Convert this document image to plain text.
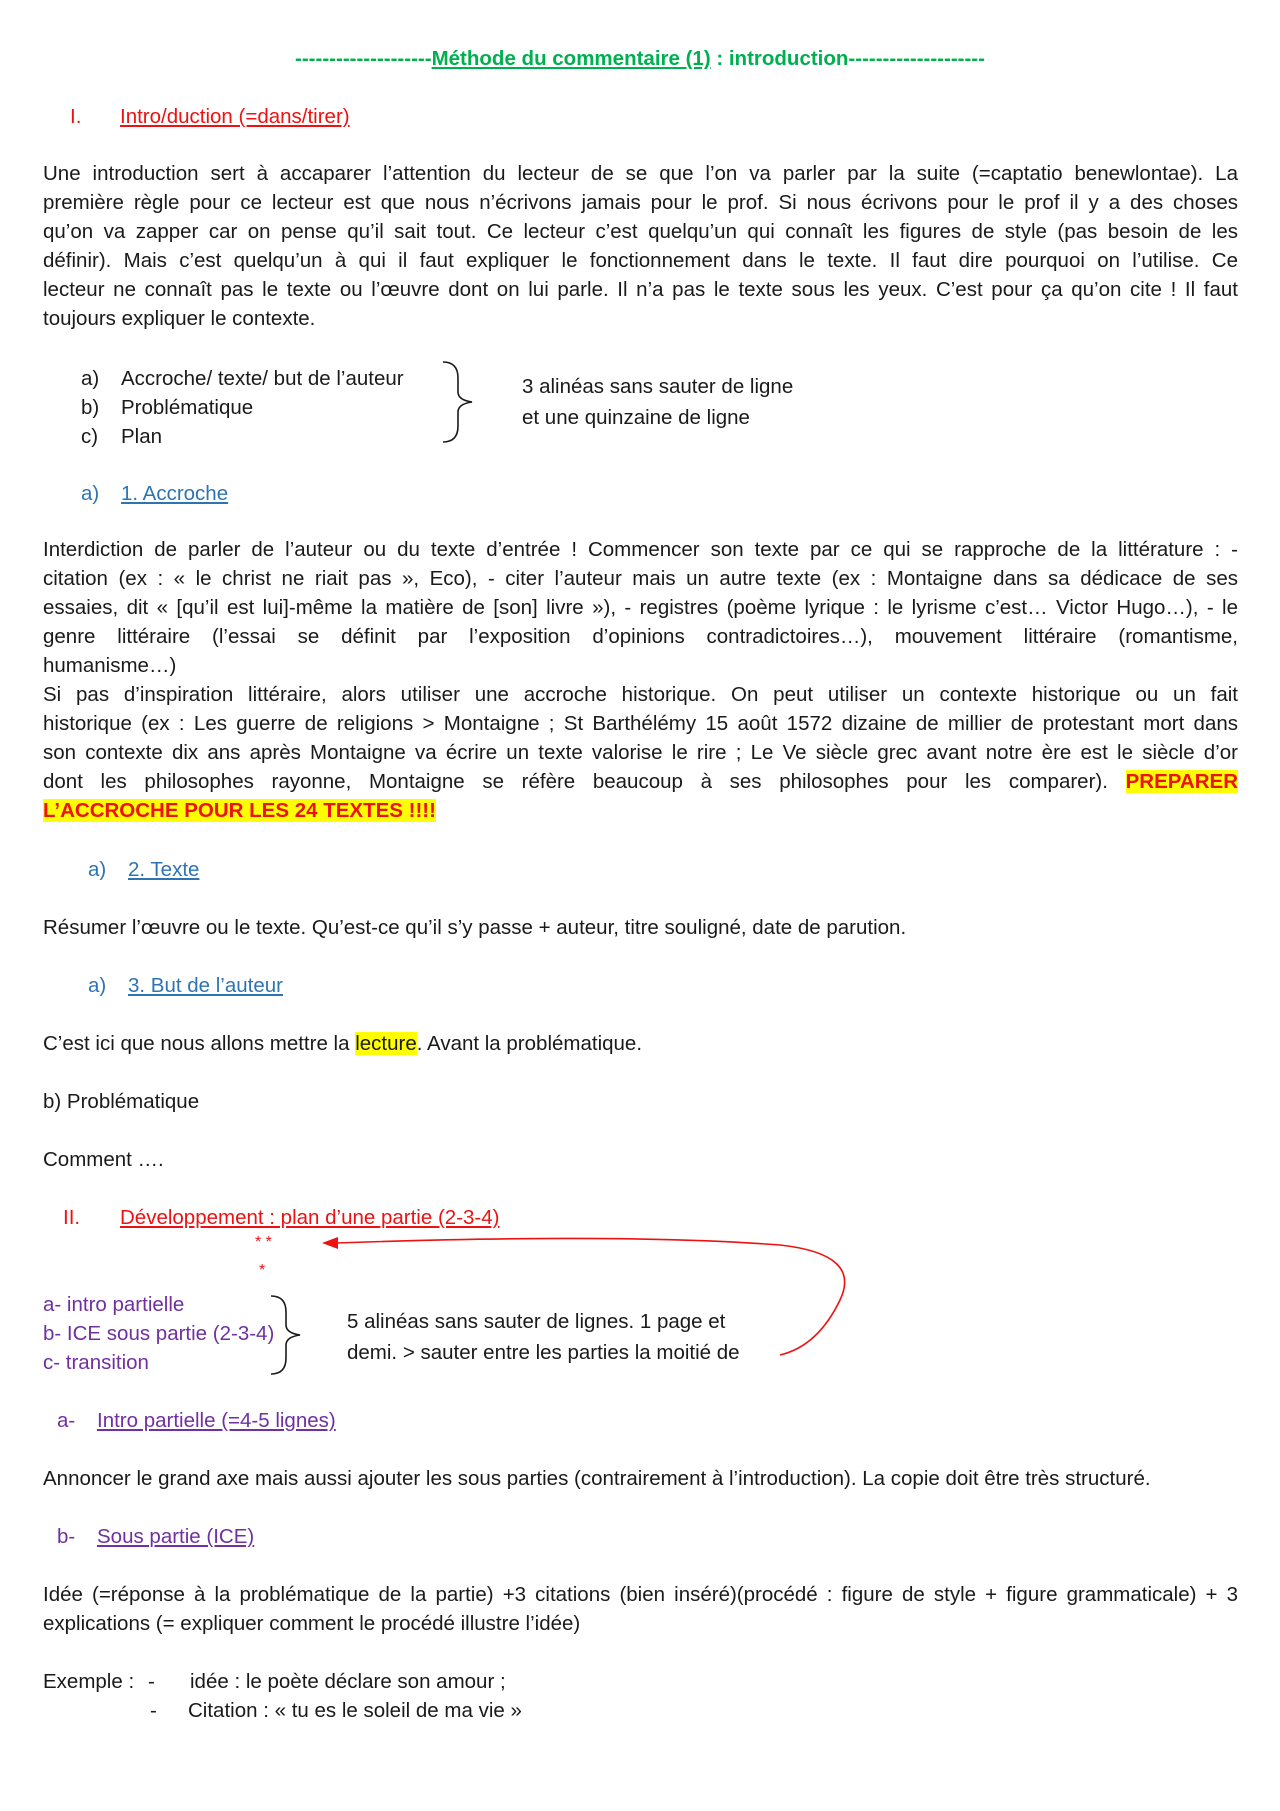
--------------------Méthode du commentaire (1) : introduction--------------------
I. Intro/duction (=dans/tirer)
Une introduction sert à accaparer l’attention du lecteur de se que l’on va parler par la suite (=captatio benewlontae). La
première règle pour ce lecteur est que nous n’écrivons jamais pour le prof. Si nous écrivons pour le prof il y a des choses
qu’on va zapper car on pense qu’il sait tout. Ce lecteur c’est quelqu’un qui connaît les figures de style (pas besoin de les
définir). Mais c’est quelqu’un à qui il faut expliquer le fonctionnement dans le texte. Il faut dire pourquoi on l’utilise. Ce
lecteur ne connaît pas le texte ou l’œuvre dont on lui parle. Il n’a pas le texte sous les yeux. C’est pour ça qu’on cite ! Il faut
toujours expliquer le contexte.
a) Accroche/ texte/ but de l’auteur
b) Problématique
c) Plan
3 alinéas sans sauter de ligne
et une quinzaine de ligne
a) 1. Accroche
Interdiction de parler de l’auteur ou du texte d’entrée ! Commencer son texte par ce qui se rapproche de la littérature : -
citation (ex : « le christ ne riait pas », Eco), - citer l’auteur mais un autre texte (ex : Montaigne dans sa dédicace de ses
essaies, dit « [qu’il est lui]-même la matière de [son] livre »), - registres (poème lyrique : le lyrisme c’est… Victor Hugo…), - le
genre littéraire (l’essai se définit par l’exposition d’opinions contradictoires…), mouvement littéraire (romantisme,
humanisme…)
Si pas d’inspiration littéraire, alors utiliser une accroche historique. On peut utiliser un contexte historique ou un fait
historique (ex : Les guerre de religions > Montaigne ; St Barthélémy 15 août 1572 dizaine de millier de protestant mort dans
son contexte dix ans après Montaigne va écrire un texte valorise le rire ; Le Ve siècle grec avant notre ère est le siècle d’or
dont les philosophes rayonne, Montaigne se réfère beaucoup à ses philosophes pour les comparer). PREPARER
L’ACCROCHE POUR LES 24 TEXTES !!!!
a) 2. Texte
Résumer l’œuvre ou le texte. Qu’est-ce qu’il s’y passe + auteur, titre souligné, date de parution.
a) 3. But de l’auteur
C’est ici que nous allons mettre la lecture. Avant la problématique.
b) Problématique
Comment ….
II. Développement : plan d’une partie (2-3-4)
* *
*
a- intro partielle
b- ICE sous partie (2-3-4)
c- transition
5 alinéas sans sauter de lignes. 1 page et
demi. > sauter entre les parties la moitié de
a- Intro partielle (=4-5 lignes)
Annoncer le grand axe mais aussi ajouter les sous parties (contrairement à l’introduction). La copie doit être très structuré.
b- Sous partie (ICE)
Idée (=réponse à la problématique de la partie) +3 citations (bien inséré)(procédé : figure de style + figure grammaticale) + 3
explications (= expliquer comment le procédé illustre l’idée)
Exemple : - idée : le poète déclare son amour ;
- Citation : « tu es le soleil de ma vie »
